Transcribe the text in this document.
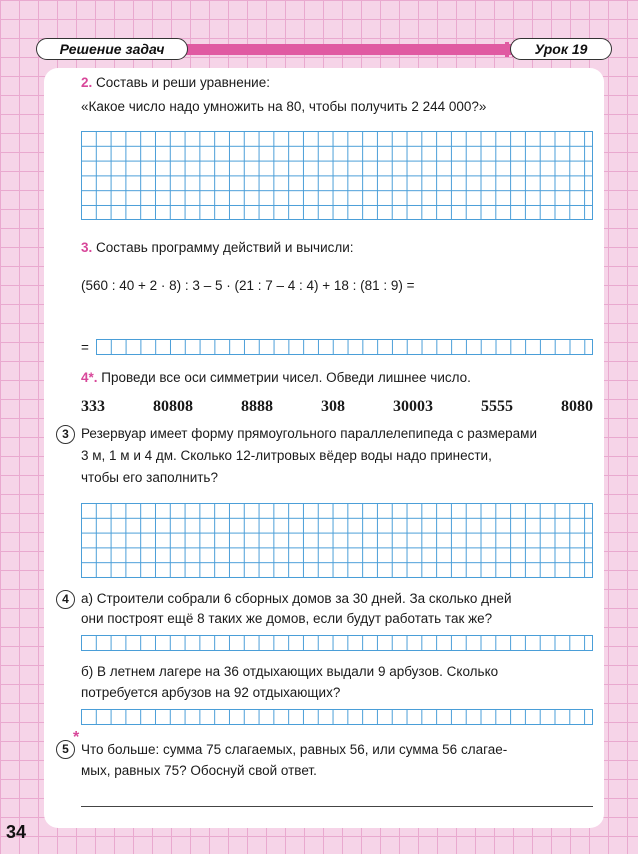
Решение задач	Урок 19
2. Составь и реши уравнение:
«Какое число надо умножить на 80, чтобы получить 2 244 000?»
3. Составь программу действий и вычисли:
(560 : 40 + 2 · 8) : 3 – 5 · (21 : 7 – 4 : 4) + 18 : (81 : 9) =
=
4*. Проведи все оси симметрии чисел. Обведи лишнее число.
333	80808	8888	308	30003	5555	8080
3 Резервуар имеет форму прямоугольного параллелепипеда с размерами
3 м, 1 м и 4 дм. Сколько 12-литровых вёдер воды надо принести,
чтобы его заполнить?
4 а) Строители собрали 6 сборных домов за 30 дней. За сколько дней
они построят ещё 8 таких же домов, если будут работать так же?
б) В летнем лагере на 36 отдыхающих выдали 9 арбузов. Сколько
потребуется арбузов на 92 отдыхающих?
5
*
Что больше: сумма 75 слагаемых, равных 56, или сумма 56 слагае-
мых, равных 75? Обоснуй свой ответ.
34
